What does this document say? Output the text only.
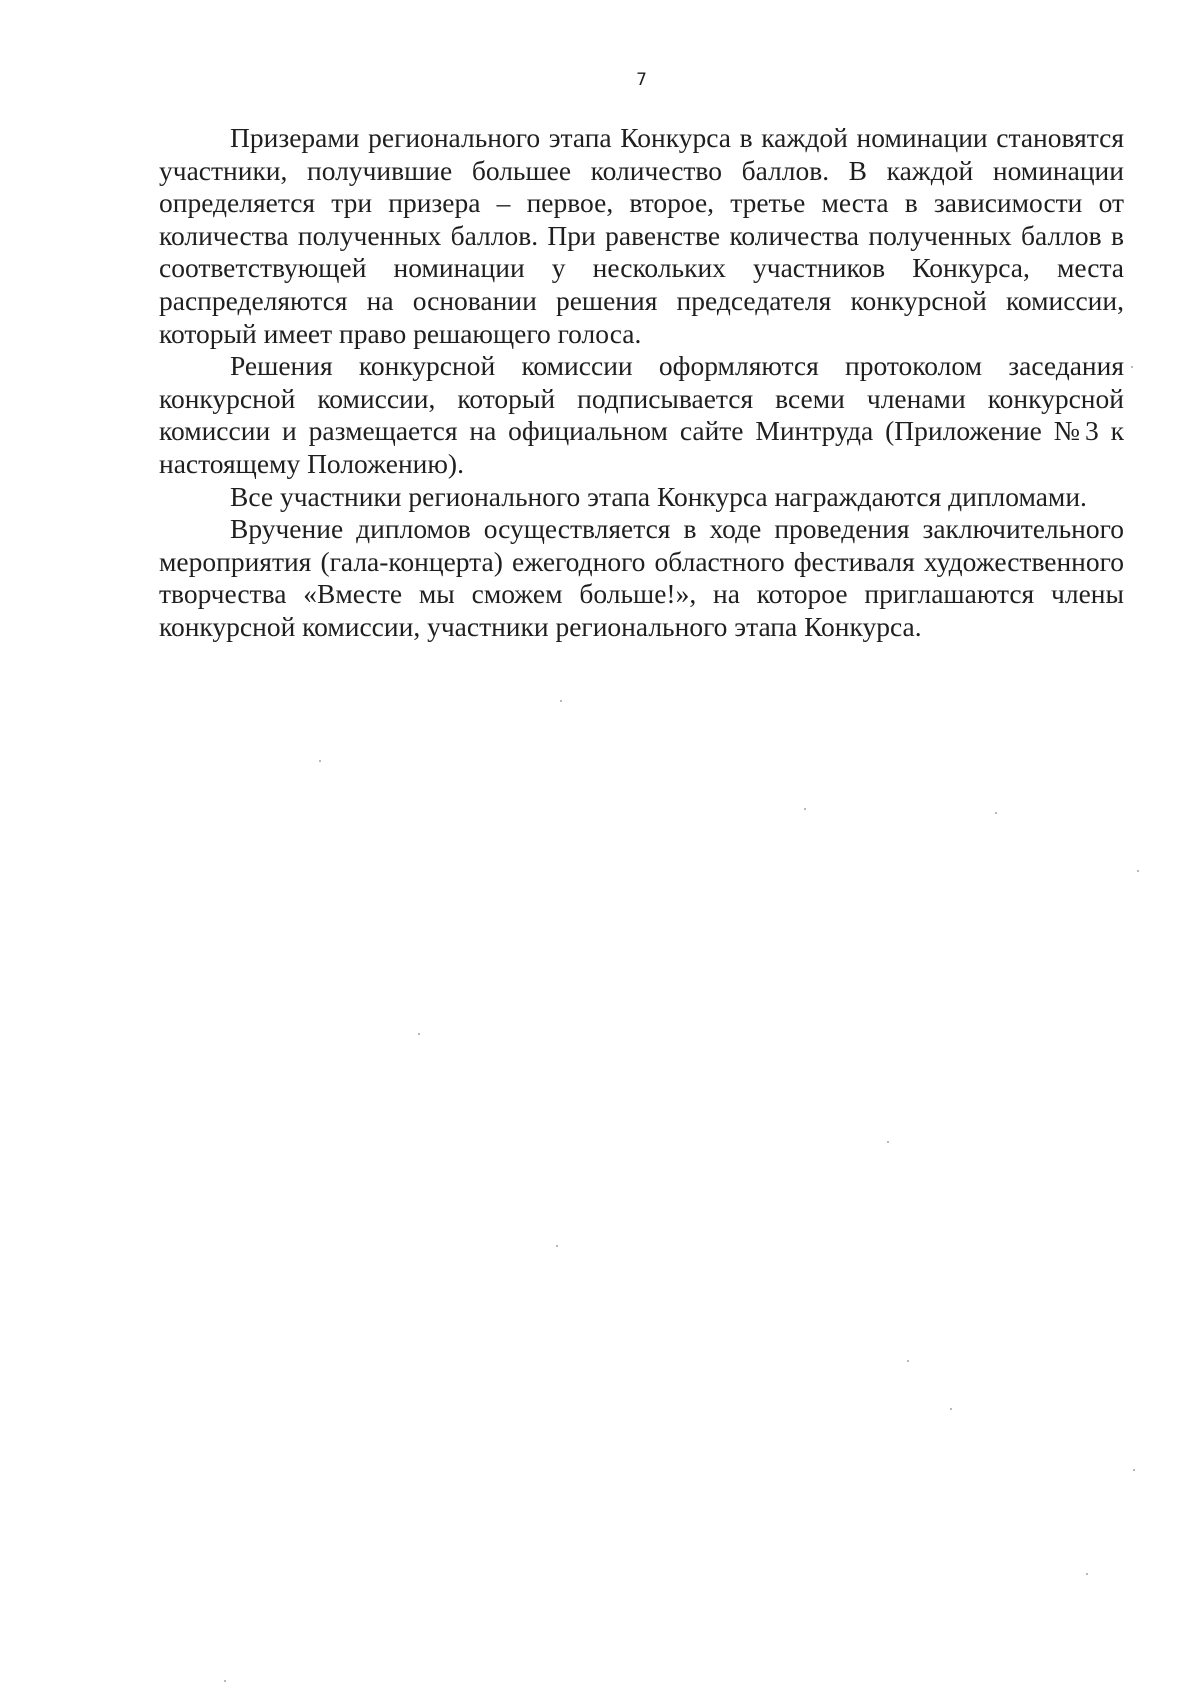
7

Призерами регионального этапа Конкурса в каждой номинации становятся участники, получившие большее количество баллов. В каждой номинации определяется три призера – первое, второе, третье места в зависимости от количества полученных баллов. При равенстве количества полученных баллов в соответствующей номинации у нескольких участников Конкурса, места распределяются на основании решения председателя конкурсной комиссии, который имеет право решающего голоса.

Решения конкурсной комиссии оформляются протоколом заседания конкурсной комиссии, который подписывается всеми членами конкурсной комиссии и размещается на официальном сайте Минтруда (Приложение №3 к настоящему Положению).

Все участники регионального этапа Конкурса награждаются дипломами.

Вручение дипломов осуществляется в ходе проведения заключительного мероприятия (гала-концерта) ежегодного областного фестиваля художественного творчества «Вместе мы сможем больше!», на которое приглашаются члены конкурсной комиссии, участники регионального этапа Конкурса.
